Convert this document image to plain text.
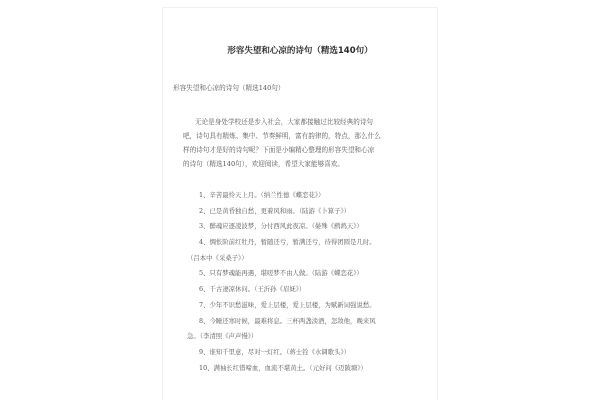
形容失望和心凉的诗句（精选140句）
形容失望和心凉的诗句（精选140句）

无论是身处学校还是步入社会，大家都接触过比较经典的诗句

吧，诗句具有精炼、集中、节奏鲜明，富有韵律的，特点，那么什么

样的诗句才是好的诗句呢？下面是小编精心整理的形容失望和心凉

的诗句（精选140句），欢迎阅读，希望大家能够喜欢。

1、辛苦最怜天上月。（纳兰性德《蝶恋花》）
2、已是黄昏独自愁，更着风和雨。（陆游《卜算子》）
3、醉魂应逐凌波梦，分付西风此夜凉。（晏殊《鹧鸪天》）
4、惆怅阶前红牡丹，暂随还亏，暂满还亏，待得团圆是几时。
（吕本中《采桑子》）
5、只有梦魂能再遇，堪嗟梦不由人做。（陆游《蝶恋花》）
6、千古凄凉休问。（王沂孙《眉妩》）
7、少年不识愁滋味，爱上层楼，爱上层楼，为赋新词强说愁。
8、今睡还寒时候，最难将息。三杯两盏淡酒，怎敌他，晚来风
急。（李清照《声声慢》）
9、谁知千里意，尽对一灯红。（蒋士铨《水调歌头》）
10、满袖长红惜啼血，血流不堪黄土。（元好问《迈陂塘》）
